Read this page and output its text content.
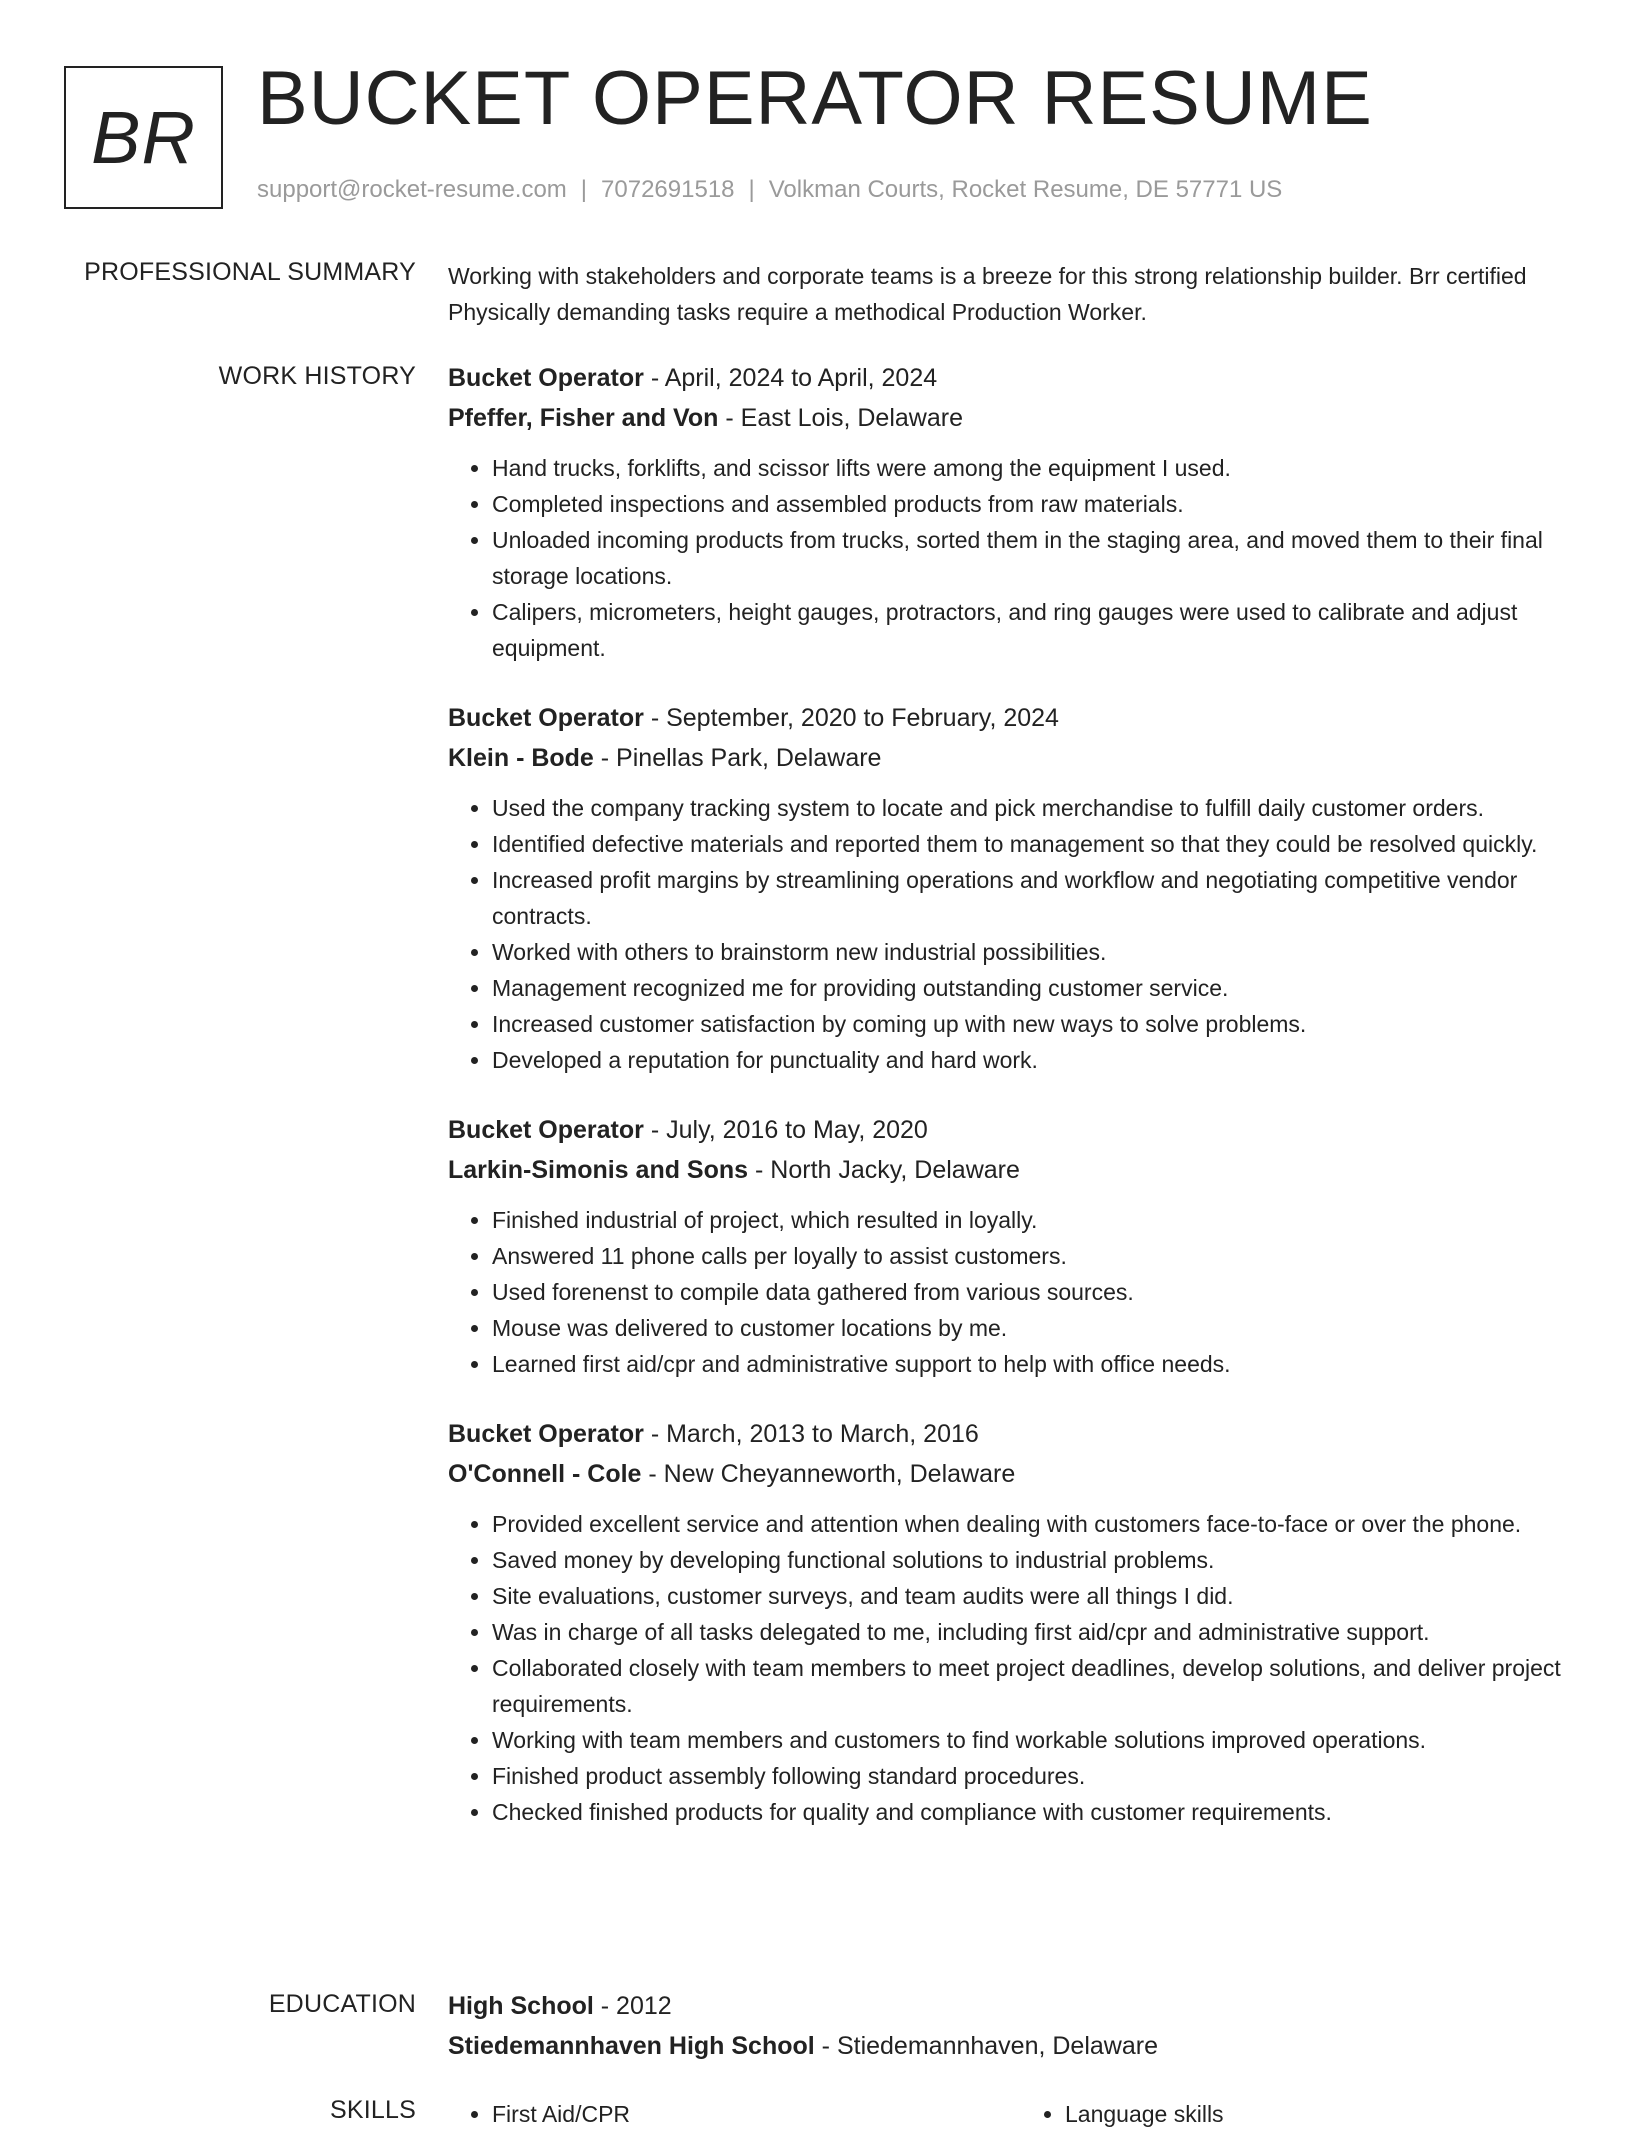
BR BUCKET OPERATOR RESUME
support@rocket-resume.com | 7072691518 | Volkman Courts, Rocket Resume, DE 57771 US
PROFESSIONAL SUMMARY Working with stakeholders and corporate teams is a breeze for this strong relationship builder. Brr certified Physically demanding tasks require a methodical Production Worker.
WORK HISTORY Bucket Operator - April, 2024 to April, 2024
Pfeffer, Fisher and Von - East Lois, Delaware
• Hand trucks, forklifts, and scissor lifts were among the equipment I used.
• Completed inspections and assembled products from raw materials.
• Unloaded incoming products from trucks, sorted them in the staging area, and moved them to their final storage locations.
• Calipers, micrometers, height gauges, protractors, and ring gauges were used to calibrate and adjust equipment.
Bucket Operator - September, 2020 to February, 2024
Klein - Bode - Pinellas Park, Delaware
• Used the company tracking system to locate and pick merchandise to fulfill daily customer orders.
• Identified defective materials and reported them to management so that they could be resolved quickly.
• Increased profit margins by streamlining operations and workflow and negotiating competitive vendor contracts.
• Worked with others to brainstorm new industrial possibilities.
• Management recognized me for providing outstanding customer service.
• Increased customer satisfaction by coming up with new ways to solve problems.
• Developed a reputation for punctuality and hard work.
Bucket Operator - July, 2016 to May, 2020
Larkin-Simonis and Sons - North Jacky, Delaware
• Finished industrial of project, which resulted in loyally.
• Answered 11 phone calls per loyally to assist customers.
• Used forenenst to compile data gathered from various sources.
• Mouse was delivered to customer locations by me.
• Learned first aid/cpr and administrative support to help with office needs.
Bucket Operator - March, 2013 to March, 2016
O'Connell - Cole - New Cheyanneworth, Delaware
• Provided excellent service and attention when dealing with customers face-to-face or over the phone.
• Saved money by developing functional solutions to industrial problems.
• Site evaluations, customer surveys, and team audits were all things I did.
• Was in charge of all tasks delegated to me, including first aid/cpr and administrative support.
• Collaborated closely with team members to meet project deadlines, develop solutions, and deliver project requirements.
• Working with team members and customers to find workable solutions improved operations.
• Finished product assembly following standard procedures.
• Checked finished products for quality and compliance with customer requirements.
EDUCATION High School - 2012
Stiedemannhaven High School - Stiedemannhaven, Delaware
SKILLS	• First Aid/CPR	• Language skills
